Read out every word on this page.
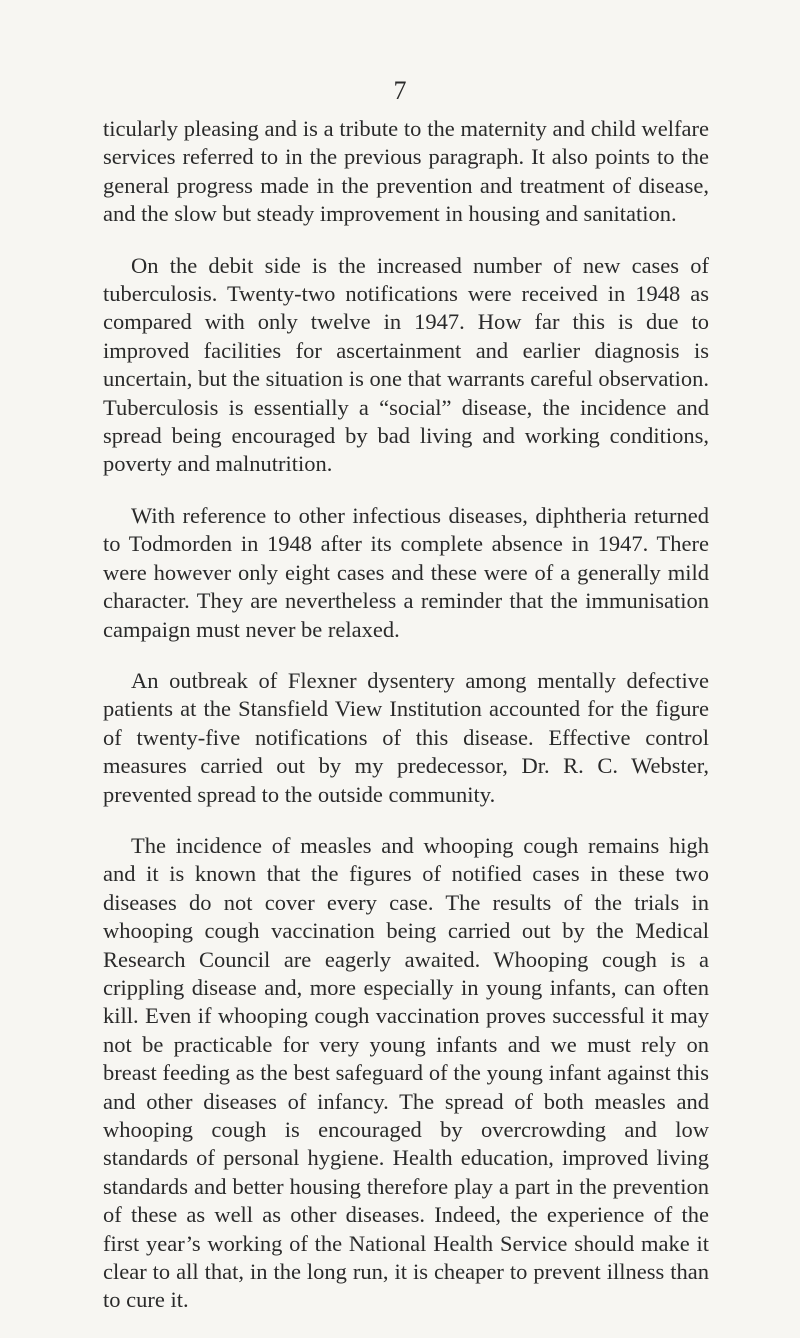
7

ticularly pleasing and is a tribute to the maternity and child welfare services referred to in the previous paragraph. It also points to the general progress made in the prevention and treatment of disease, and the slow but steady improvement in housing and sanitation.

On the debit side is the increased number of new cases of tuberculosis. Twenty-two notifications were received in 1948 as compared with only twelve in 1947. How far this is due to improved facilities for ascertainment and earlier diagnosis is uncertain, but the situation is one that warrants careful observation. Tuberculosis is essentially a “social” disease, the incidence and spread being encouraged by bad living and working conditions, poverty and malnutrition.

With reference to other infectious diseases, diphtheria returned to Todmorden in 1948 after its complete absence in 1947. There were however only eight cases and these were of a generally mild character. They are nevertheless a reminder that the immunisation campaign must never be relaxed.

An outbreak of Flexner dysentery among mentally defective patients at the Stansfield View Institution accounted for the figure of twenty-five notifications of this disease. Effective control measures carried out by my predecessor, Dr. R. C. Webster, prevented spread to the outside community.

The incidence of measles and whooping cough remains high and it is known that the figures of notified cases in these two diseases do not cover every case. The results of the trials in whooping cough vaccination being carried out by the Medical Research Council are eagerly awaited. Whooping cough is a crippling disease and, more especially in young infants, can often kill. Even if whooping cough vaccination proves successful it may not be practicable for very young infants and we must rely on breast feeding as the best safeguard of the young infant against this and other diseases of infancy. The spread of both measles and whooping cough is encouraged by overcrowding and low standards of personal hygiene. Health education, improved living standards and better housing therefore play a part in the prevention of these as well as other diseases. Indeed, the experience of the first year’s working of the National Health Service should make it clear to all that, in the long run, it is cheaper to prevent illness than to cure it.
